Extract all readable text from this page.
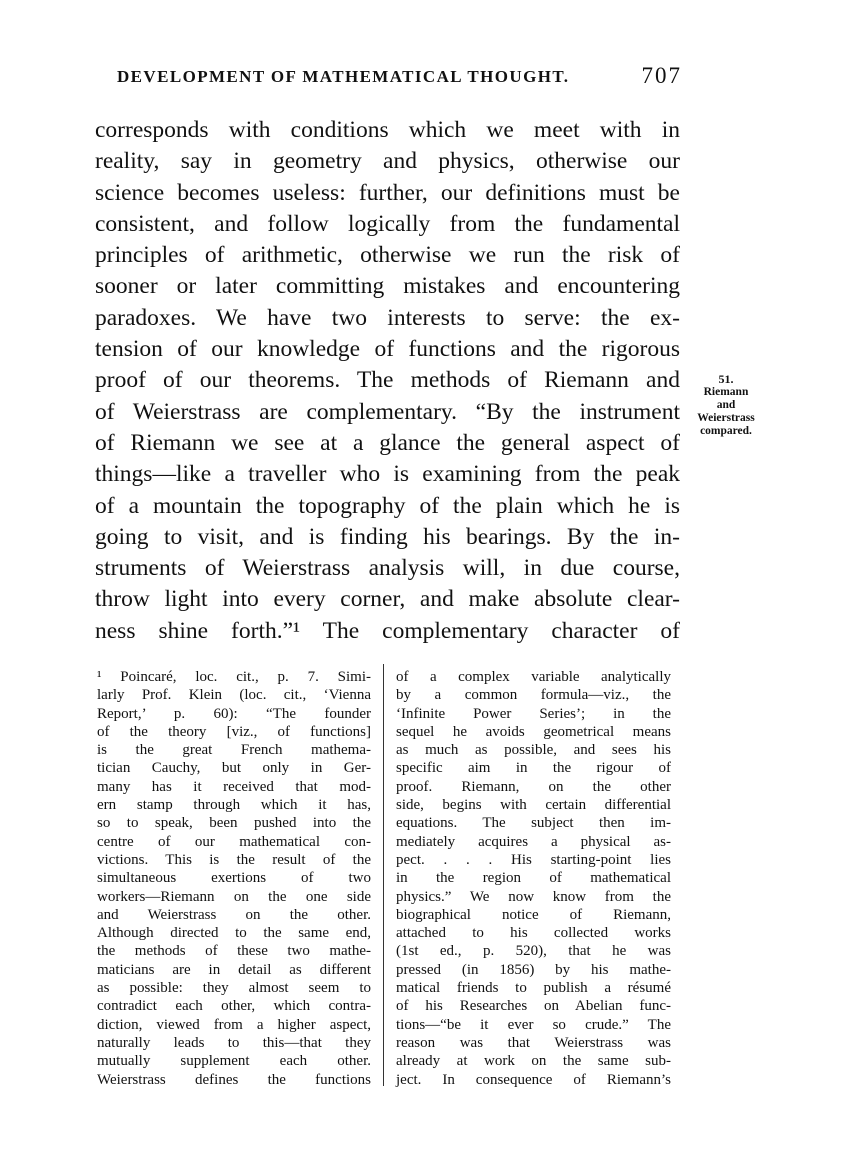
DEVELOPMENT OF MATHEMATICAL THOUGHT.	707
corresponds with conditions which we meet with in
reality, say in geometry and physics, otherwise our
science becomes useless: further, our definitions must be
consistent, and follow logically from the fundamental
principles of arithmetic, otherwise we run the risk of
sooner or later committing mistakes and encountering
paradoxes. We have two interests to serve: the ex-
tension of our knowledge of functions and the rigorous
proof of our theorems. The methods of Riemann and
of Weierstrass are complementary. “By the instrument
of Riemann we see at a glance the general aspect of
things—like a traveller who is examining from the peak
of a mountain the topography of the plain which he is
going to visit, and is finding his bearings. By the in-
struments of Weierstrass analysis will, in due course,
throw light into every corner, and make absolute clear-
ness shine forth.”¹ The complementary character of
51.
Riemann
and
Weierstrass
compared.
¹ Poincaré, loc. cit., p. 7. Simi-
larly Prof. Klein (loc. cit., ‘Vienna
Report,’ p. 60): “The founder
of the theory [viz., of functions]
is the great French mathema-
tician Cauchy, but only in Ger-
many has it received that mod-
ern stamp through which it has,
so to speak, been pushed into the
centre of our mathematical con-
victions. This is the result of the
simultaneous exertions of two
workers—Riemann on the one side
and Weierstrass on the other.
Although directed to the same end,
the methods of these two mathe-
maticians are in detail as different
as possible: they almost seem to
contradict each other, which contra-
diction, viewed from a higher aspect,
naturally leads to this—that they
mutually supplement each other.
Weierstrass defines the functions
of a complex variable analytically
by a common formula—viz., the
‘Infinite Power Series’; in the
sequel he avoids geometrical means
as much as possible, and sees his
specific aim in the rigour of
proof. Riemann, on the other
side, begins with certain differential
equations. The subject then im-
mediately acquires a physical as-
pect. . . . His starting-point lies
in the region of mathematical
physics.” We now know from the
biographical notice of Riemann,
attached to his collected works
(1st ed., p. 520), that he was
pressed (in 1856) by his mathe-
matical friends to publish a résumé
of his Researches on Abelian func-
tions—“be it ever so crude.” The
reason was that Weierstrass was
already at work on the same sub-
ject. In consequence of Riemann’s
